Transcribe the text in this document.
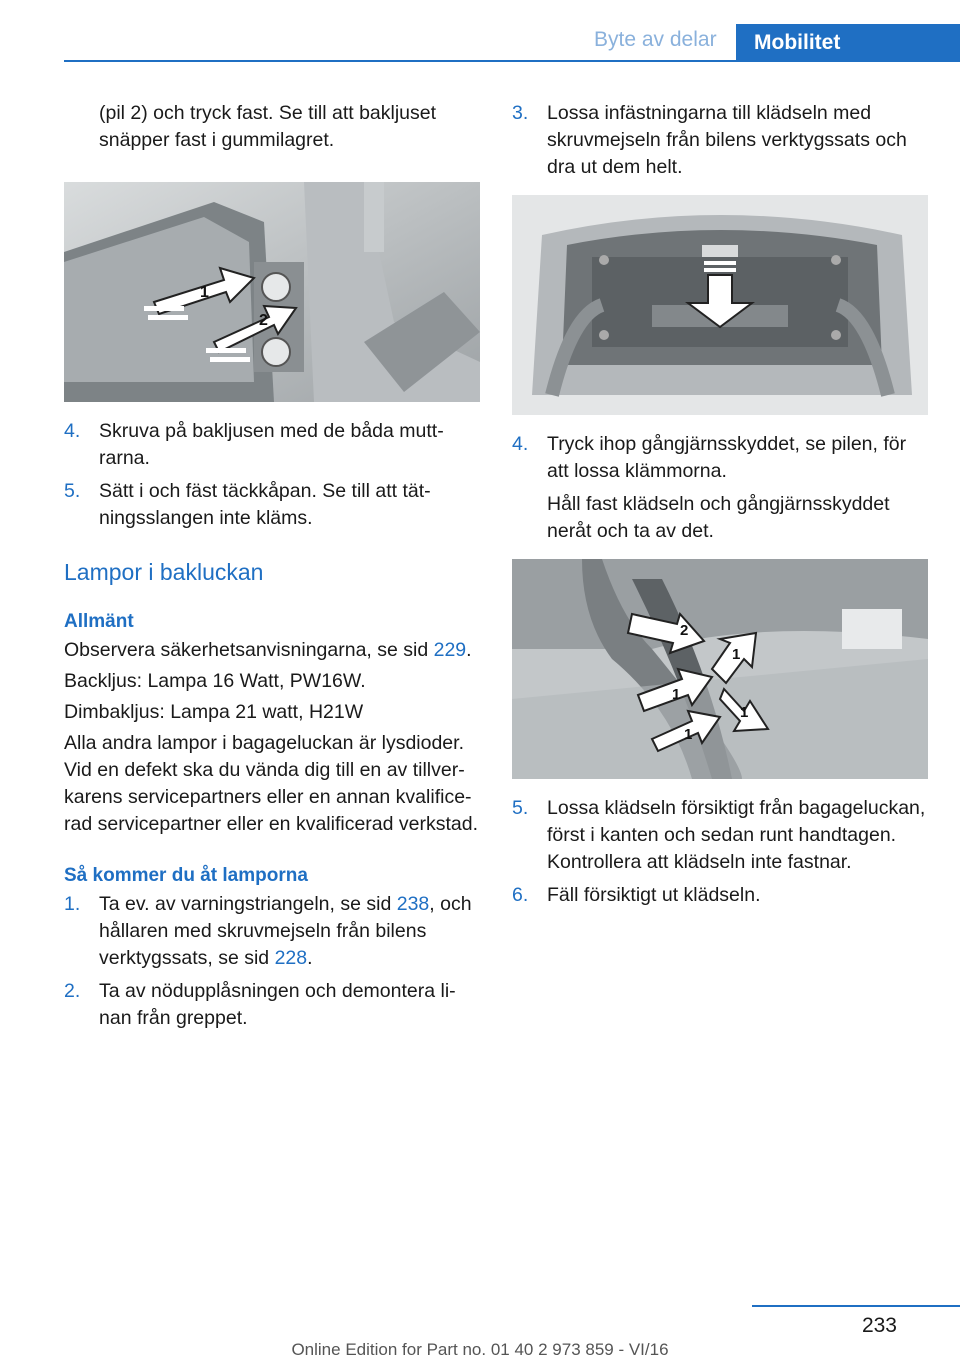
Byte av delar	Mobilitet

(pil 2) och tryck fast. Se till att bakljuset snäpper fast i gummilagret.

1
2
4. Skruva på bakljusen med de båda muttrarna.
5. Sätt i och fäst täckkåpan. Se till att tätningsslangen inte kläms.
Lampor i bakluckan
Allmänt

Observera säkerhetsanvisningarna, se sid 229.

Backljus: Lampa 16 Watt, PW16W.

Dimbakljus: Lampa 21 watt, H21W

Alla andra lampor i bagageluckan är lysdioder. Vid en defekt ska du vända dig till en av tillverkarens servicepartners eller en annan kvalificerad servicepartner eller en kvalificerad verkstad.

Så kommer du åt lamporna
1. Ta ev. av varningstriangeln, se sid 238, och hållaren med skruvmejseln från bilens verktygssats, se sid 228.
2. Ta av nödupplåsningen och demontera linan från greppet.
3. Lossa infästningarna till klädseln med skruvmejseln från bilens verktygssats och dra ut dem helt.
4. Tryck ihop gångjärnsskyddet, se pilen, för att lossa klämmorna.

Håll fast klädseln och gångjärnsskyddet neråt och ta av det.

2
1
1
1
1
5. Lossa klädseln försiktigt från bagageluckan, först i kanten och sedan runt handtagen. Kontrollera att klädseln inte fastnar.
6. Fäll försiktigt ut klädseln.
233
Online Edition for Part no. 01 40 2 973 859 - VI/16
